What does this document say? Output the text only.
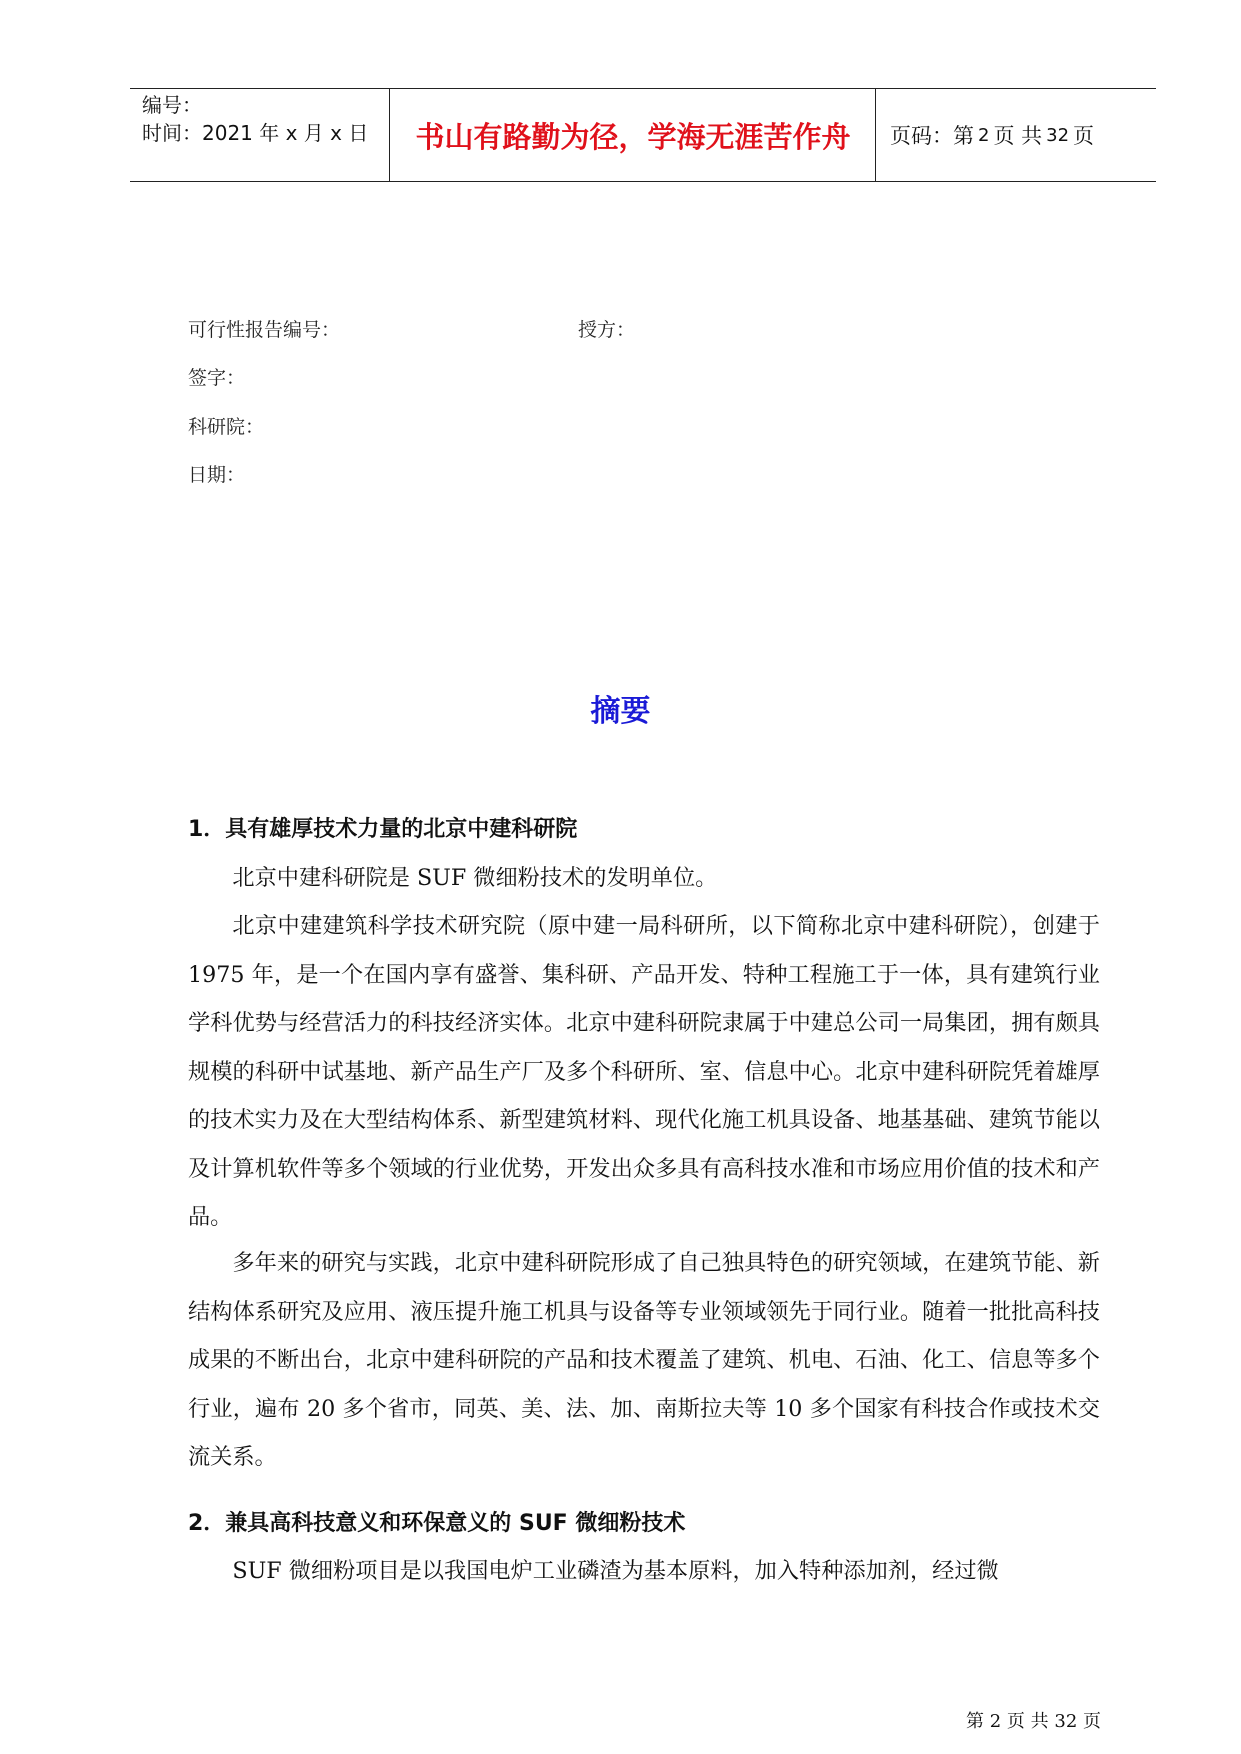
编号：
时间：2021 年 x 月 x 日	书山有路勤为径，学海无涯苦作舟	页码：第 2 页 共 32 页
可行性报告编号：	授方：
签字：
科研院：
日期：
摘要
1．具有雄厚技术力量的北京中建科研院

北京中建科研院是 SUF 微细粉技术的发明单位。

北京中建建筑科学技术研究院（原中建一局科研所，以下简称北京中建科研院），创建于 1975 年，是一个在国内享有盛誉、集科研、产品开发、特种工程施工于一体，具有建筑行业学科优势与经营活力的科技经济实体。北京中建科研院隶属于中建总公司一局集团，拥有颇具规模的科研中试基地、新产品生产厂及多个科研所、室、信息中心。北京中建科研院凭着雄厚的技术实力及在大型结构体系、新型建筑材料、现代化施工机具设备、地基基础、建筑节能以及计算机软件等多个领域的行业优势，开发出众多具有高科技水准和市场应用价值的技术和产品。

多年来的研究与实践，北京中建科研院形成了自己独具特色的研究领域，在建筑节能、新结构体系研究及应用、液压提升施工机具与设备等专业领域领先于同行业。随着一批批高科技成果的不断出台，北京中建科研院的产品和技术覆盖了建筑、机电、石油、化工、信息等多个行业，遍布 20 多个省市，同英、美、法、加、南斯拉夫等 10 多个国家有科技合作或技术交流关系。

2．兼具高科技意义和环保意义的 SUF 微细粉技术

SUF 微细粉项目是以我国电炉工业磷渣为基本原料，加入特种添加剂，经过微

第 2 页 共 32 页
